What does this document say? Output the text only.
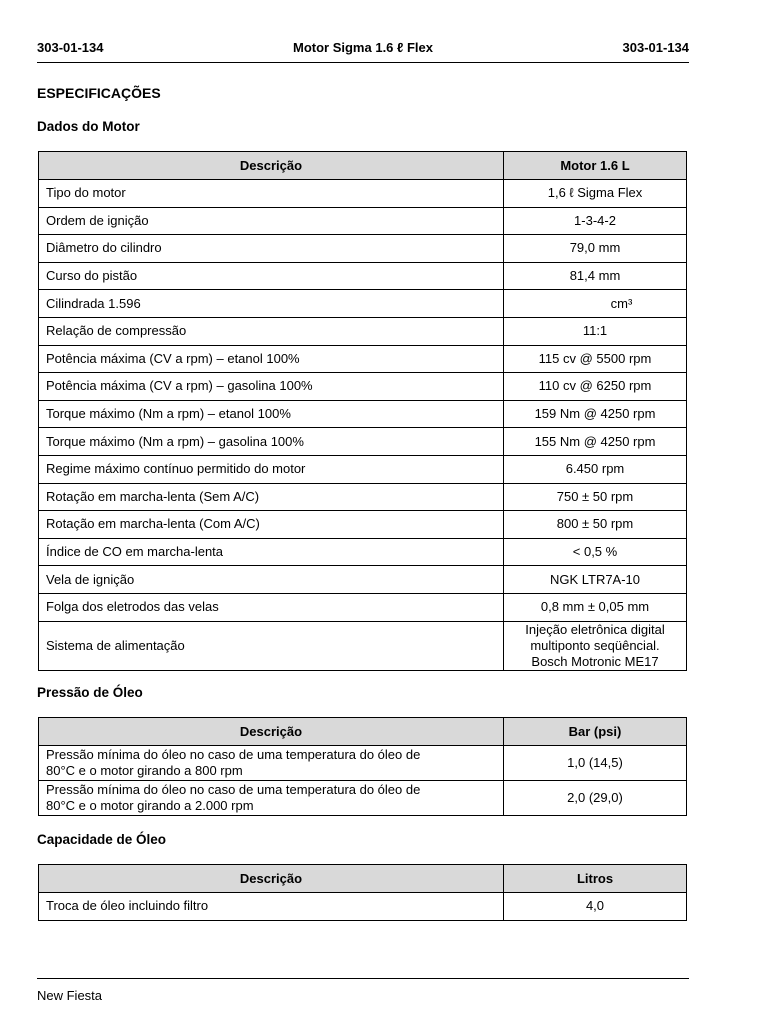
303-01-134	Motor Sigma 1.6 ℓ Flex	303-01-134
ESPECIFICAÇÕES
Dados do Motor
Descrição	Motor 1.6 L
Tipo do motor	1,6 ℓ Sigma Flex
Ordem de ignição	1-3-4-2
Diâmetro do cilindro	79,0 mm
Curso do pistão	81,4 mm
Cilindrada 1.596	cm³
Relação de compressão	11:1
Potência máxima (CV a rpm) – etanol 100%	115 cv @ 5500 rpm
Potência máxima (CV a rpm) – gasolina 100%	110 cv @ 6250 rpm
Torque máximo (Nm a rpm) – etanol 100%	159 Nm @ 4250 rpm
Torque máximo (Nm a rpm) – gasolina 100%	155 Nm @ 4250 rpm
Regime máximo contínuo permitido do motor	6.450 rpm
Rotação em marcha-lenta (Sem A/C)	750 ± 50 rpm
Rotação em marcha-lenta (Com A/C)	800 ± 50 rpm
Índice de CO em marcha-lenta	< 0,5 %
Vela de ignição	NGK LTR7A-10
Folga dos eletrodos das velas	0,8 mm ± 0,05 mm
Sistema de alimentação	Injeção eletrônica digital
multiponto seqüêncial.
Bosch Motronic ME17
Pressão de Óleo
Descrição	Bar (psi)

Pressão mínima do óleo no caso de uma temperatura do óleo de
80°C e o motor girando a 800 rpm	1,0 (14,5)

Pressão mínima do óleo no caso de uma temperatura do óleo de
80°C e o motor girando a 2.000 rpm	2,0 (29,0)
Capacidade de Óleo
Descrição	Litros
Troca de óleo incluindo filtro	4,0
New Fiesta
